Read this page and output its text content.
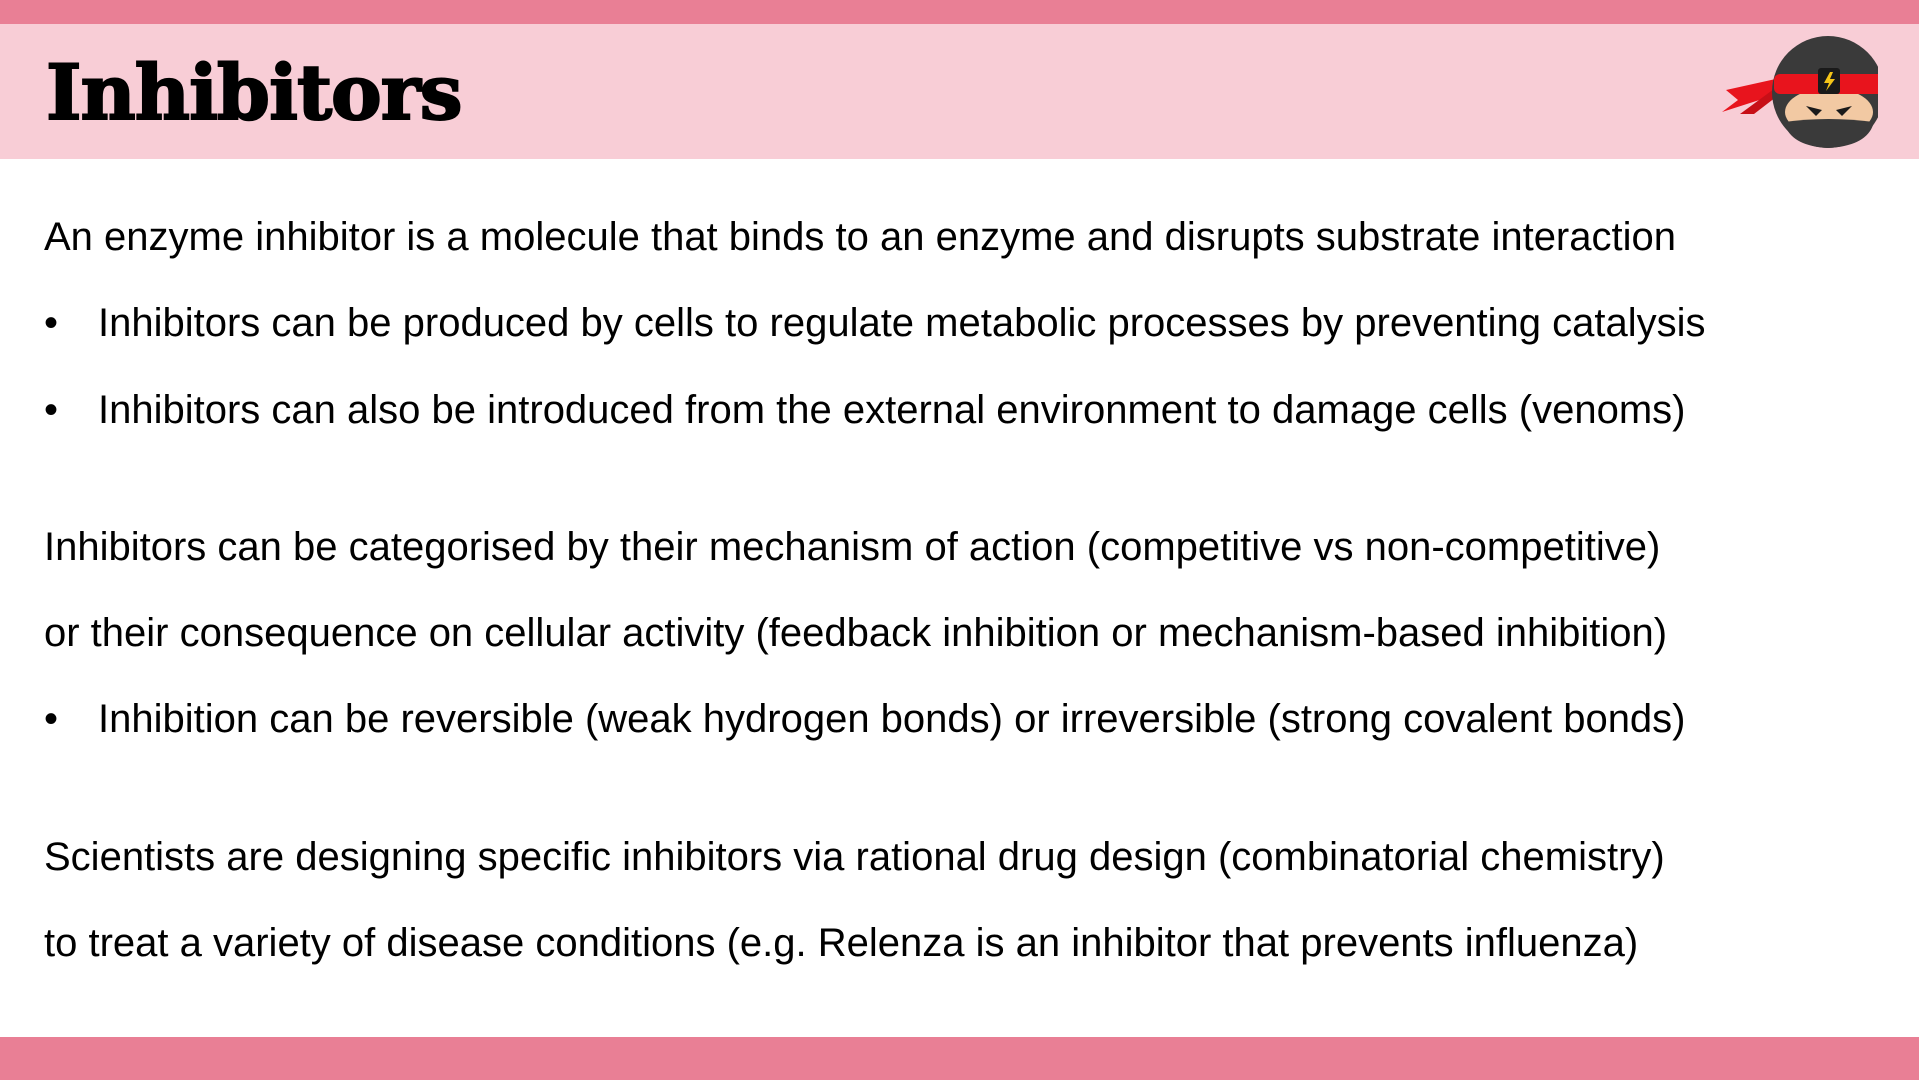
Inhibitors
An enzyme inhibitor is a molecule that binds to an enzyme and disrupts substrate interaction
• Inhibitors can be produced by cells to regulate metabolic processes by preventing catalysis
• Inhibitors can also be introduced from the external environment to damage cells (venoms)
Inhibitors can be categorised by their mechanism of action (competitive vs non-competitive)
or their consequence on cellular activity (feedback inhibition or mechanism-based inhibition)
• Inhibition can be reversible (weak hydrogen bonds) or irreversible (strong covalent bonds)
Scientists are designing specific inhibitors via rational drug design (combinatorial chemistry)
to treat a variety of disease conditions (e.g. Relenza is an inhibitor that prevents influenza)
